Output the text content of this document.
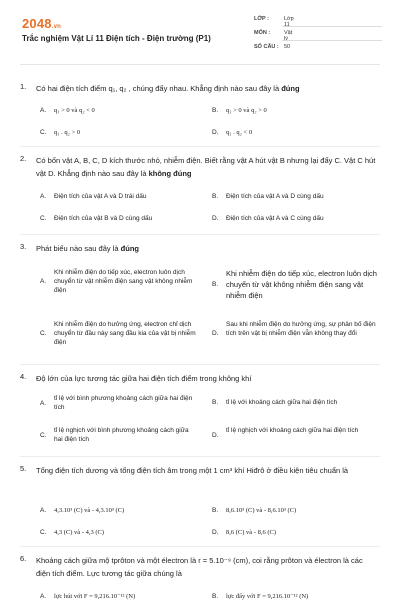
2048.vn
Trắc nghiệm Vật Lí 11 Điện tích - Điện trường (P1)
LỚP :	Lớp 11
MÔN :	Vật lý
SỐ CÂU : 50
1. Có hai điện tích điểm q₁, q₂ , chúng đẩy nhau. Khẳng định nào sau đây là đúng
A. q₁ > 0 và q₂ < 0	B. q₁ > 0 và q₂ > 0
C. q₁ . q₂ > 0	D. q₁ . q₂ < 0
2. Có bốn vật A, B, C, D kích thước nhỏ, nhiễm điện. Biết rằng vật A hút vật B nhưng lại đẩy C. Vật C hút vật D. Khẳng định nào sau đây là không đúng
A. Điện tích của vật A và D trái dấu	B. Điện tích của vật A và D cùng dấu
C. Điện tích của vật B và D cùng dấu	D. Điện tích của vật A và C cùng dấu
3. Phát biểu nào sau đây là đúng
A.
Khi nhiễm điện do tiếp xúc, electron luôn dịch chuyển từ vật nhiễm điện sang vật không nhiễm điện
B.
Khi nhiễm điện do tiếp xúc, electron luôn dịch chuyển từ vật không nhiễm điện sang vật nhiễm điện
C.
Khi nhiễm điện do hưởng ứng, electron chỉ dịch chuyển từ đầu này sang đầu kia của vật bị nhiễm điện
D.
Sau khi nhiễm điện do hưởng ứng, sự phân bố điện tích trên vật bị nhiễm điện vẫn không thay đổi
4. Độ lớn của lực tương tác giữa hai điện tích điểm trong không khí
A.
tỉ lệ với bình phương khoảng cách giữa hai điện tích
B. tỉ lệ với khoảng cách giữa hai điện tích
C.
tỉ lệ nghịch với bình phương khoảng cách giữa hai điện tích
D.
tỉ lệ nghịch với khoảng cách giữa hai điện tích
5. Tổng điện tích dương và tổng điện tích âm trong một 1 cm³ khí Hiđrô ở điều kiện tiêu chuẩn là
A. 4,3.10³ (C) và - 4,3.10³ (C)	B. 8,6.10³ (C) và - 8,6.10³ (C)
C. 4,3 (C) và - 4,3 (C)	D. 8,6 (C) và - 8,6 (C)
6. Khoảng cách giữa mộ tprôton và một électron là r = 5.10⁻⁹ (cm), coi rằng prôton và électron là các điện tích điểm. Lực tương tác giữa chúng là
A. lực hút với F = 9,216.10⁻¹² (N)	B. lực đẩy với F = 9,216.10⁻¹² (N)
